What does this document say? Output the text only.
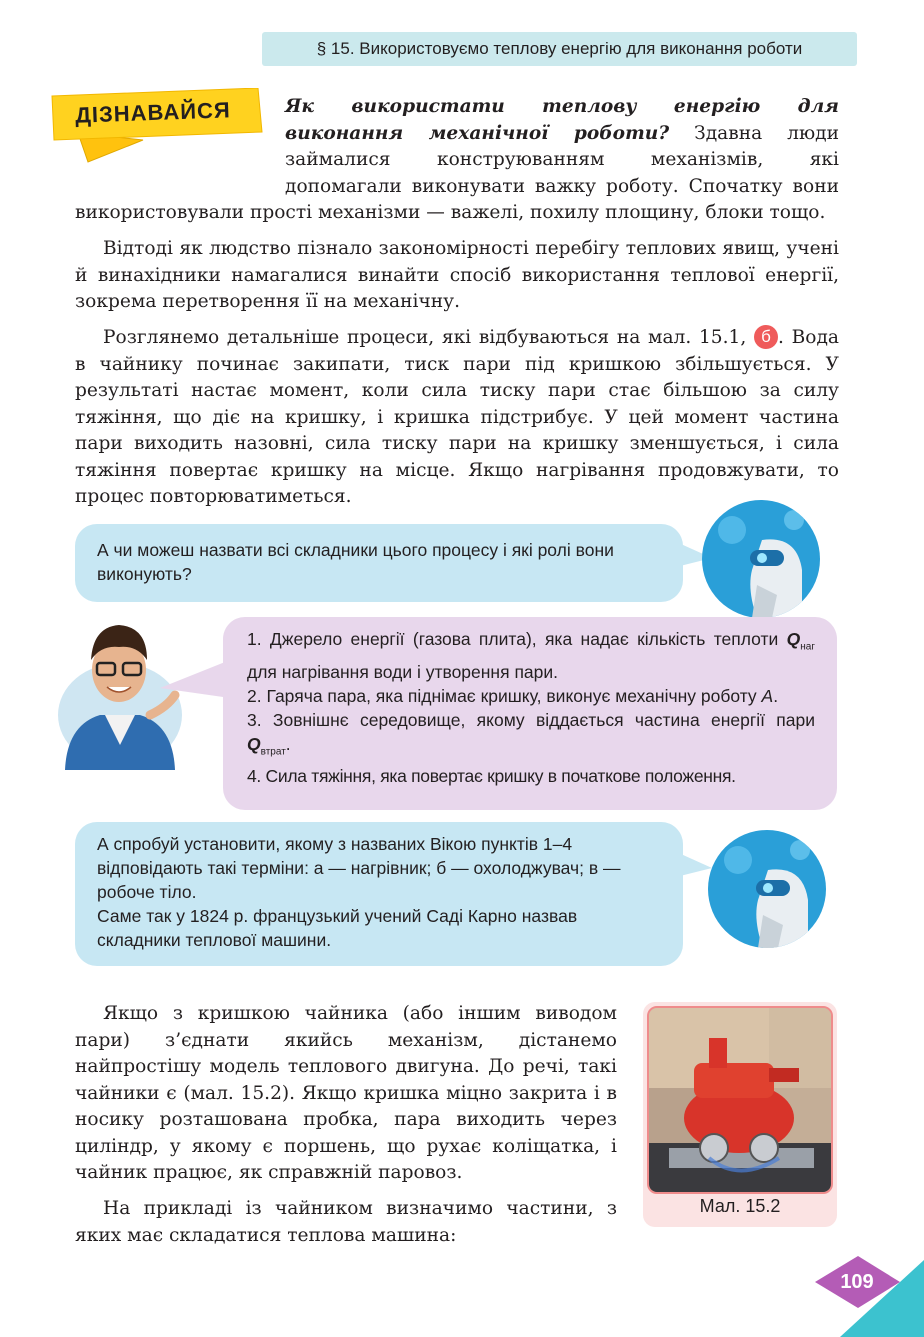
§ 15. Використовуємо теплову енергію для виконання роботи
ДІЗНАВАЙСЯ	Як використати теплову енергію для виконання механічної роботи? Здавна люди займалися конструюванням механізмів, які допомагали виконувати важку роботу. Спочатку вони використовували прості механізми — важелі, похилу площину, блоки тощо.

Відтоді як людство пізнало закономірності перебігу теплових явищ, учені й винахідники намагалися винайти спосіб використання теплової енергії, зокрема перетворення її на механічну.

Розглянемо детальніше процеси, які відбуваються на мал. 15.1, б . Вода в чайнику починає закипати, тиск пари під кришкою збільшується. У результаті настає момент, коли сила тиску пари стає більшою за силу тяжіння, що діє на кришку, і кришка підстрибує. У цей момент частина пари виходить назовні, сила тиску пари на кришку зменшується, і сила тяжіння повертає кришку на місце. Якщо нагрівання продовжувати, то процес повторюватиметься.

А чи можеш назвати всі складники цього процесу і які ролі вони виконують?

1. Джерело енергії (газова плита), яка надає кількість теплоти $Q_{наг}$ для нагрівання води і утворення пари.

2. Гаряча пара, яка піднімає кришку, виконує механічну роботу A.

3. Зовнішнє середовище, якому віддається частина енергії пари $Q_{втрат}$.

4. Сила тяжіння, яка повертає кришку в початкове положення.

А спробуй установити, якому з названих Вікою пунктів 1–4 відповідають такі терміни: а — нагрівник; б — охолоджувач; в — робоче тіло.

Саме так у 1824 р. французький учений Саді Карно назвав складники теплової машини.

Якщо з кришкою чайника (або іншим виводом пари) з’єднати якийсь механізм, дістанемо найпростішу модель теплового двигуна. До речі, такі чайники є (мал. 15.2). Якщо кришка міцно закрита і в носику розташована пробка, пара виходить через циліндр, у якому є поршень, що рухає коліщатка, і чайник працює, як справжній паровоз.

На прикладі із чайником визначимо частини, з яких має складатися теплова машина:

Мал. 15.2
109
